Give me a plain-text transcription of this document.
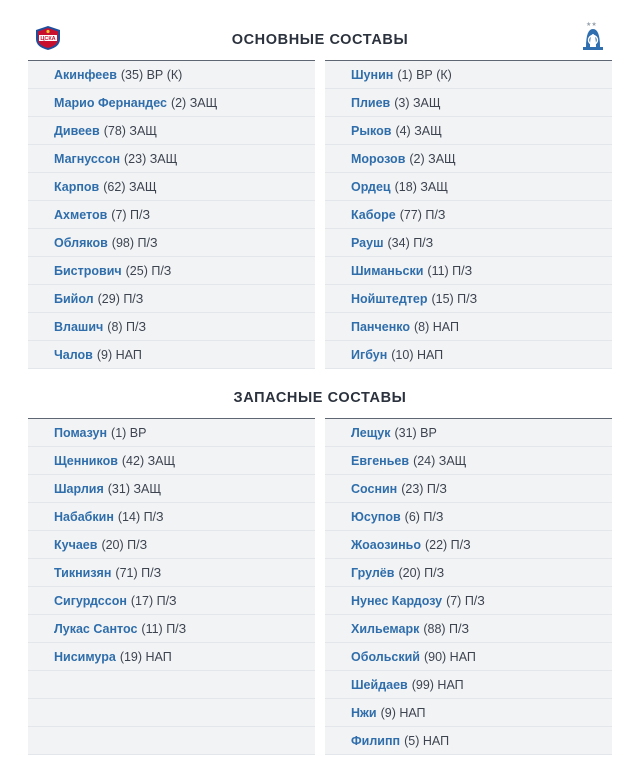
ЦСКА
★★
ОСНОВНЫЕ СОСТАВЫ
Акинфеев (35) ВР (К)
Марио Фернандес (2) ЗАЩ
Дивеев (78) ЗАЩ
Магнуссон (23) ЗАЩ
Карпов (62) ЗАЩ
Ахметов (7) П/З
Обляков (98) П/З
Бистрович (25) П/З
Бийол (29) П/З
Влашич (8) П/З
Чалов (9) НАП
Шунин (1) ВР (К)
Плиев (3) ЗАЩ
Рыков (4) ЗАЩ
Морозов (2) ЗАЩ
Ордец (18) ЗАЩ
Каборе (77) П/З
Рауш (34) П/З
Шиманьски (11) П/З
Нойштедтер (15) П/З
Панченко (8) НАП
Игбун (10) НАП
ЗАПАСНЫЕ СОСТАВЫ
Помазун (1) ВР
Щенников (42) ЗАЩ
Шарлия (31) ЗАЩ
Набабкин (14) П/З
Кучаев (20) П/З
Тикнизян (71) П/З
Сигурдссон (17) П/З
Лукас Сантос (11) П/З
Нисимура (19) НАП
Лещук (31) ВР
Евгеньев (24) ЗАЩ
Соснин (23) П/З
Юсупов (6) П/З
Жоаозиньо (22) П/З
Грулёв (20) П/З
Нунес Кардозу (7) П/З
Хильемарк (88) П/З
Обольский (90) НАП
Шейдаев (99) НАП
Нжи (9) НАП
Филипп (5) НАП
